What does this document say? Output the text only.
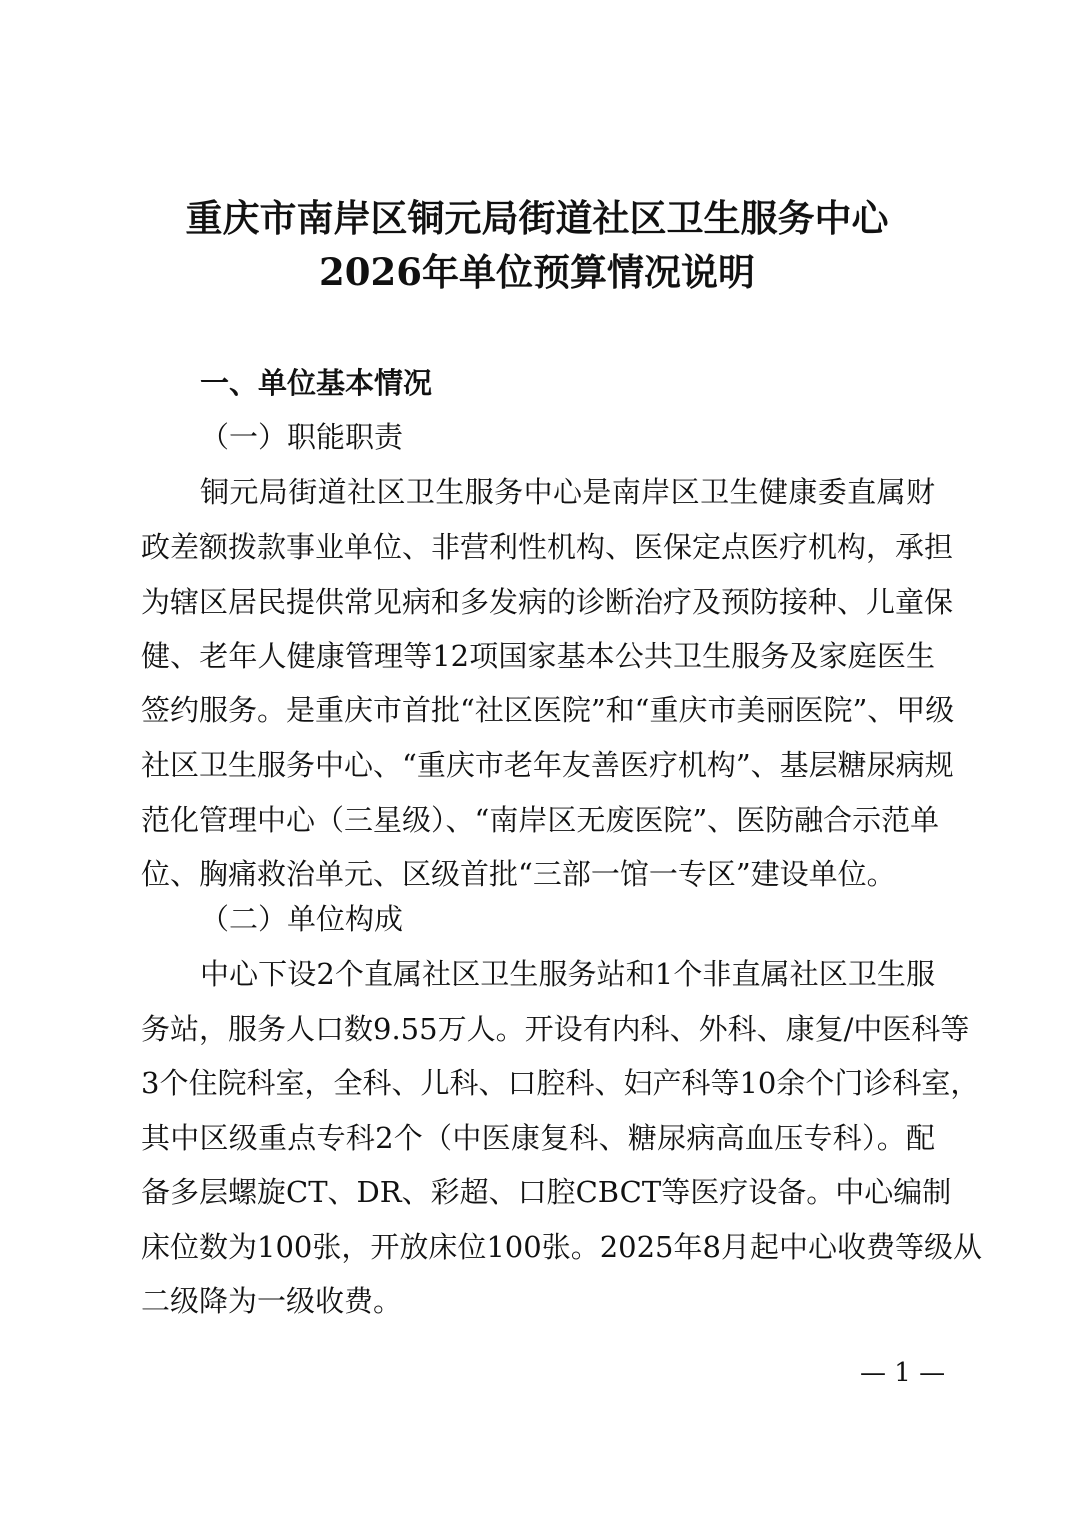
重庆市南岸区铜元局街道社区卫生服务中心
2026年单位预算情况说明
一、单位基本情况
（一）职能职责
铜元局街道社区卫生服务中心是南岸区卫生健康委直属财
政差额拨款事业单位、非营利性机构、医保定点医疗机构，承担
为辖区居民提供常见病和多发病的诊断治疗及预防接种、儿童保
健、老年人健康管理等12项国家基本公共卫生服务及家庭医生
签约服务。是重庆市首批“社区医院”和“重庆市美丽医院”、甲级
社区卫生服务中心、“重庆市老年友善医疗机构”、基层糖尿病规
范化管理中心（三星级）、“南岸区无废医院”、医防融合示范单
位、胸痛救治单元、区级首批“三部一馆一专区”建设单位。
（二）单位构成
中心下设2个直属社区卫生服务站和1个非直属社区卫生服
务站，服务人口数9.55万人。开设有内科、外科、康复/中医科等
3个住院科室，全科、儿科、口腔科、妇产科等10余个门诊科室，
其中区级重点专科2个（中医康复科、糖尿病高血压专科）。配
备多层螺旋CT、DR、彩超、口腔CBCT等医疗设备。中心编制
床位数为100张，开放床位100张。2025年8月起中心收费等级从
二级降为一级收费。
— 1 —
